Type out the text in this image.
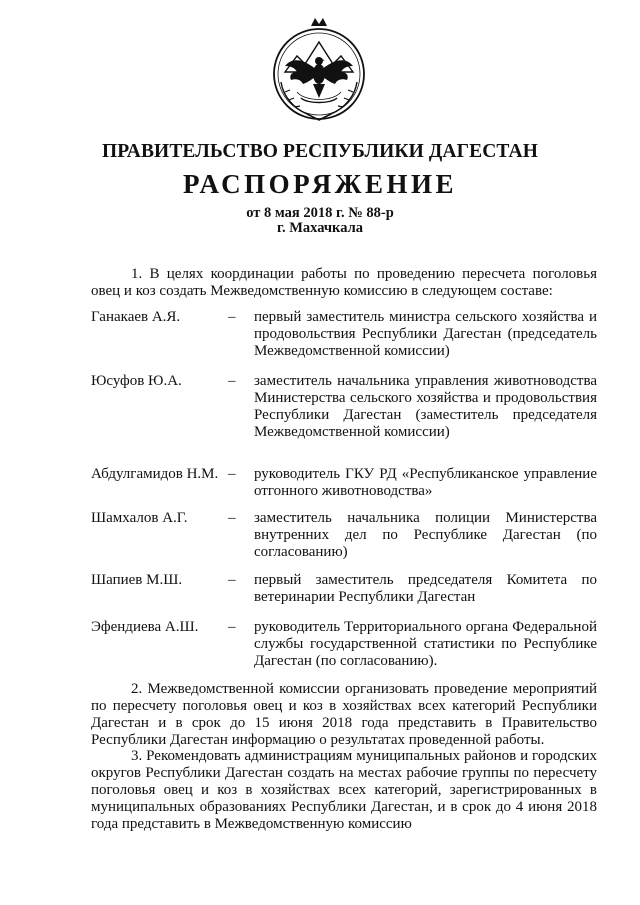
ПРАВИТЕЛЬСТВО РЕСПУБЛИКИ ДАГЕСТАН
РАСПОРЯЖЕНИЕ
от 8 мая 2018 г. № 88-р
г. Махачкала

1. В целях координации работы по проведению пересчета поголовья овец и коз создать Межведомственную комиссию в следующем составе:

Ганакаев А.Я.	– первый заместитель министра сельского хозяйства и продовольствия Республики Дагестан (председатель Межведомственной комиссии)
Юсуфов Ю.А.	– заместитель начальника управления животноводства Министерства сельского хозяйства и продовольствия Республики Дагестан (заместитель председателя Межведомственной комиссии)
Абдулгамидов Н.М. – руководитель ГКУ РД «Республиканское управление отгонного животноводства»
Шамхалов А.Г.	– заместитель начальника полиции Министерства внутренних дел по Республике Дагестан (по согласованию)
Шапиев М.Ш.	– первый заместитель председателя Комитета по ветеринарии Республики Дагестан
Эфендиева А.Ш. – руководитель Территориального органа Федеральной службы государственной статистики по Республике Дагестан (по согласованию).

2. Межведомственной комиссии организовать проведение мероприятий по пересчету поголовья овец и коз в хозяйствах всех категорий Республики Дагестан и в срок до 15 июня 2018 года представить в Правительство Республики Дагестан информацию о результатах проведенной работы.

3. Рекомендовать администрациям муниципальных районов и городских округов Республики Дагестан создать на местах рабочие группы по пересчету поголовья овец и коз в хозяйствах всех категорий, зарегистрированных в муниципальных образованиях Республики Дагестан, и в срок до 4 июня 2018 года представить в Межведомственную комиссию
